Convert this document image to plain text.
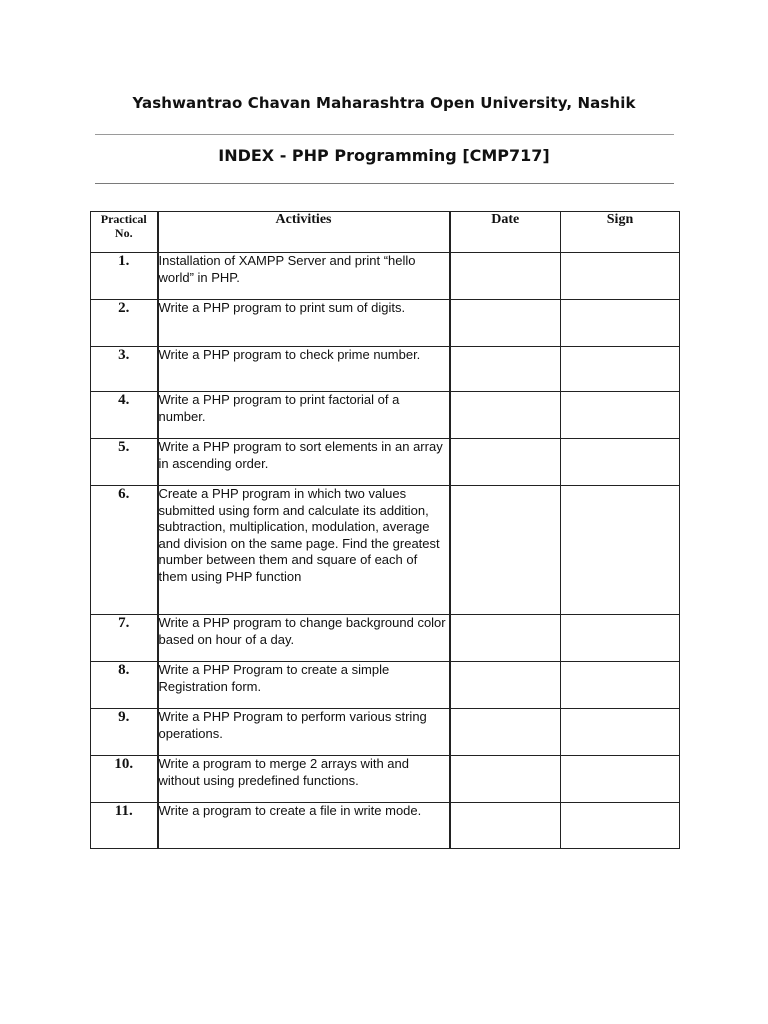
Yashwantrao Chavan Maharashtra Open University, Nashik
INDEX - PHP Programming [CMP717]
Practical
No.	Activities	Date	Sign
1.	Installation of XAMPP Server and print “hello world” in PHP.		
2.	Write a PHP program to print sum of digits.		
3.	Write a PHP program to check prime number.		
4.	Write a PHP program to print factorial of a number.		
5.	Write a PHP program to sort elements in an array in ascending order.		
6.	Create a PHP program in which two values submitted using form and calculate its addition, subtraction, multiplication, modulation, average and division on the same page. Find the greatest number between them and square of each of them using PHP function		
7.	Write a PHP program to change background color based on hour of a day.		
8.	Write a PHP Program to create a simple Registration form.		
9.	Write a PHP Program to perform various string operations.		
10.	Write a program to merge 2 arrays with and without using predefined functions.		
11.	Write a program to create a file in write mode.		
